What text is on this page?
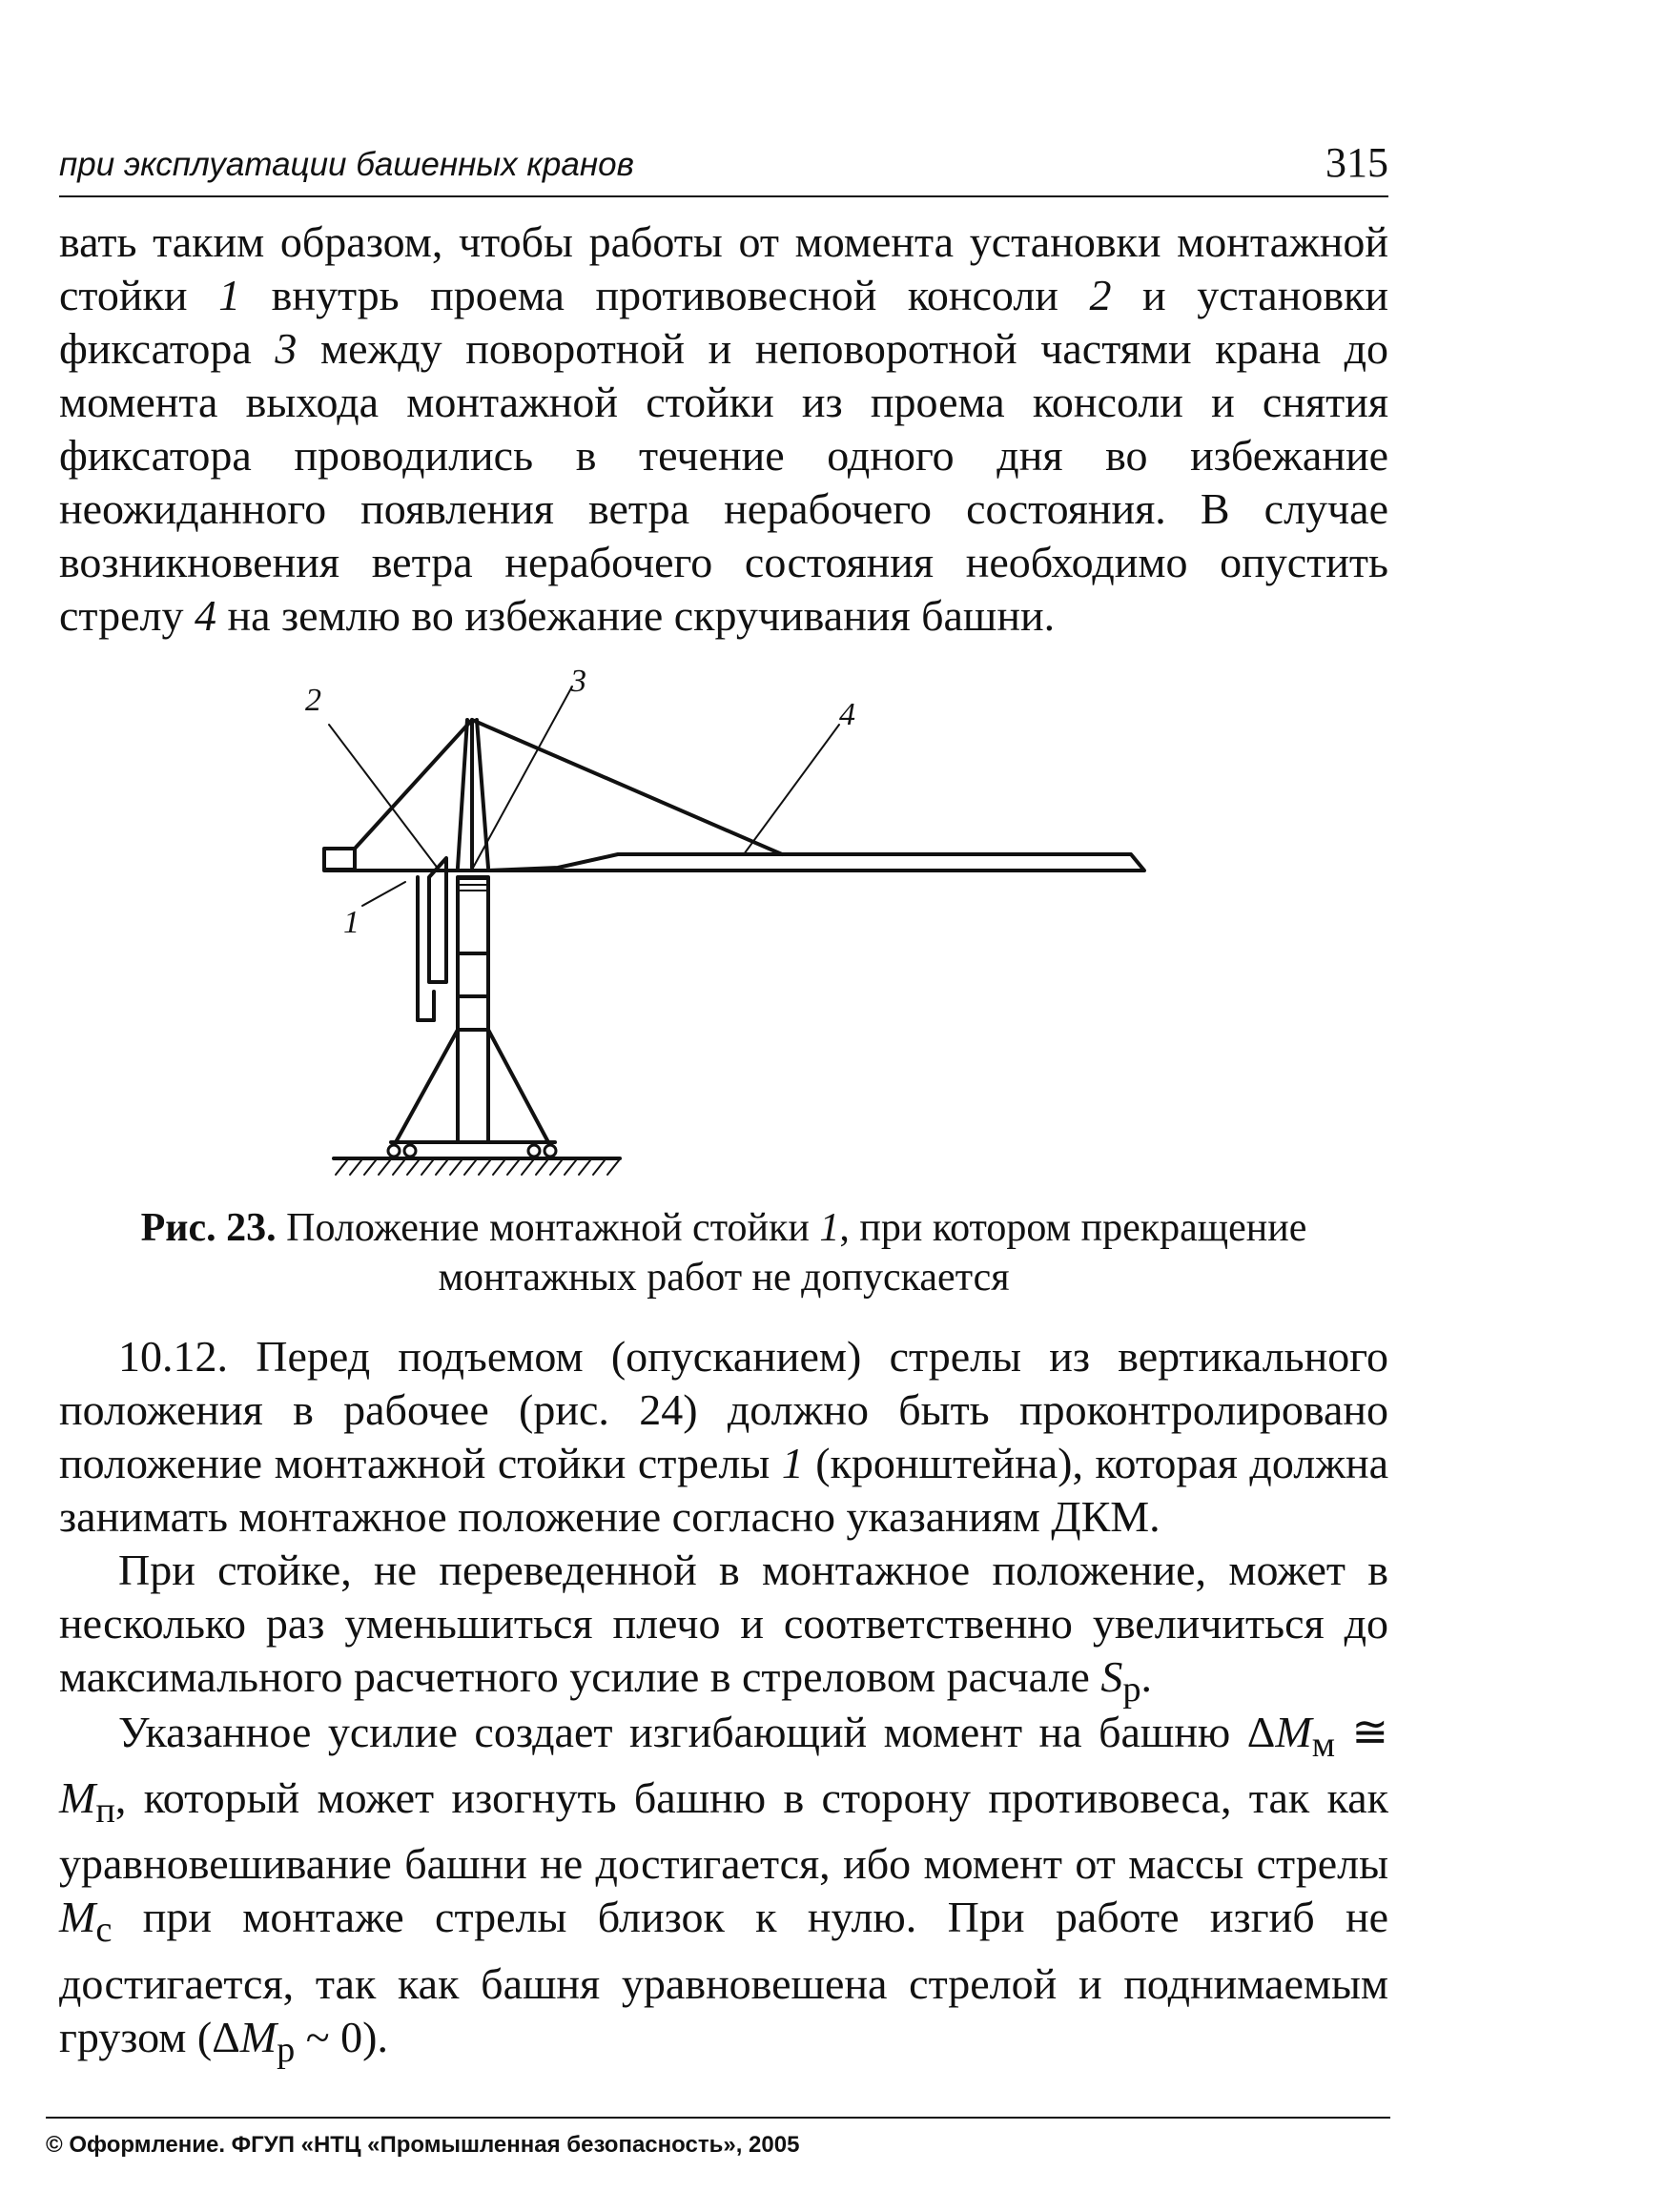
при эксплуатации башенных кранов	315

вать таким образом, чтобы работы от момента установки монтажной стойки 1 внутрь проема противовесной консоли 2 и установки фиксатора 3 между поворотной и неповоротной частями крана до момента выхода монтажной стойки из проема консоли и снятия фиксатора проводились в течение одного дня во избежание неожиданного появления ветра нерабочего состояния. В случае возникновения ветра нерабочего состояния необходимо опустить стрелу 4 на землю во избежание скручивания башни.

2
1
3
4

Рис. 23. Положение монтажной стойки 1, при котором прекращение монтажных работ не допускается

10.12. Перед подъемом (опусканием) стрелы из вертикального положения в рабочее (рис. 24) должно быть проконтролировано положение монтажной стойки стрелы 1 (кронштейна), которая должна занимать монтажное положение согласно указаниям ДКМ.

При стойке, не переведенной в монтажное положение, может в несколько раз уменьшиться плечо и соответственно увеличиться до максимального расчетного усилие в стреловом расчале $S_р$.

Указанное усилие создает изгибающий момент на башню $\Delta M_м$ ≅ $M_п$, который может изогнуть башню в сторону противовеса, так как уравновешивание башни не достигается, ибо момент от массы стрелы $M_с$ при монтаже стрелы близок к нулю. При работе изгиб не достигается, так как башня уравновешена стрелой и поднимаемым грузом ($\Delta M_р$ ~ 0).

© Оформление. ФГУП «НТЦ «Промышленная безопасность», 2005
